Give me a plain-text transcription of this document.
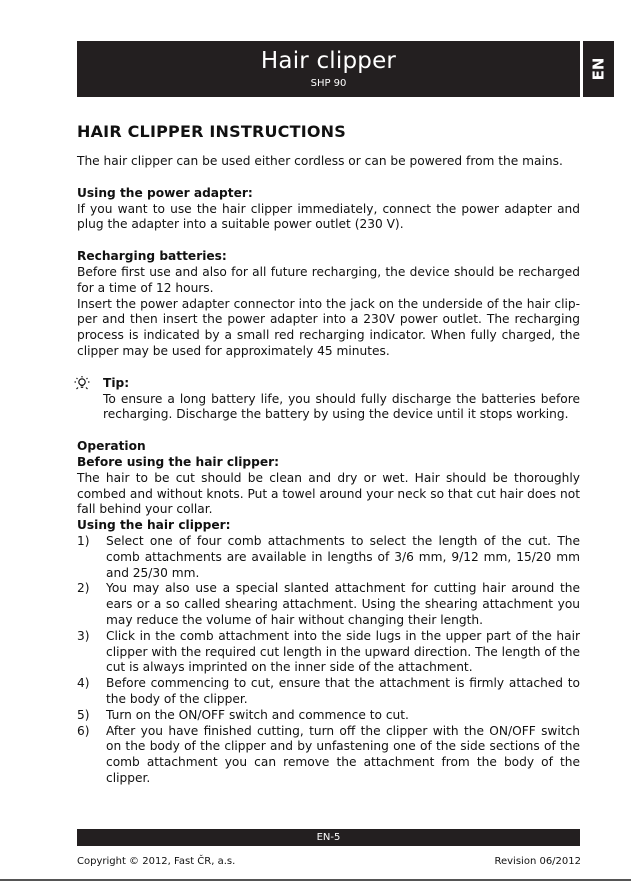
Hair clipper
SHP 90
EN
HAIR CLIPPER INSTRUCTIONS

The hair clipper can be used either cordless or can be powered from the mains.

Using the power adapter:

If you want to use the hair clipper immediately, connect the power adapter and plug the adapter into a suitable power outlet (230 V).

Recharging batteries:

Before first use and also for all future recharging, the device should be recharged for a time of 12 hours.

Insert the power adapter connector into the jack on the underside of the hair clip-per and then insert the power adapter into a 230V power outlet. The recharging process is indicated by a small red recharging indicator. When fully charged, the clipper may be used for approximately 45 minutes.

Tip:

To ensure a long battery life, you should fully discharge the batteries before recharging. Discharge the battery by using the device until it stops working.

Operation

Before using the hair clipper:

The hair to be cut should be clean and dry or wet. Hair should be thoroughly combed and without knots. Put a towel around your neck so that cut hair does not fall behind your collar.

Using the hair clipper:

1) Select one of four comb attachments to select the length of the cut. The comb attachments are available in lengths of 3/6 mm, 9/12 mm, 15/20 mm and 25/30 mm.
2) You may also use a special slanted attachment for cutting hair around the ears or a so called shearing attachment. Using the shearing attachment you may reduce the volume of hair without changing their length.
3) Click in the comb attachment into the side lugs in the upper part of the hair clipper with the required cut length in the upward direction. The length of the cut is always imprinted on the inner side of the attachment.
4) Before commencing to cut, ensure that the attachment is firmly attached to the body of the clipper.
5) Turn on the ON/OFF switch and commence to cut.
6) After you have finished cutting, turn off the clipper with the ON/OFF switch on the body of the clipper and by unfastening one of the side sections of the comb attachment you can remove the attachment from the body of the clipper.
EN-5
Copyright © 2012, Fast ČR, a.s.	Revision 06/2012
